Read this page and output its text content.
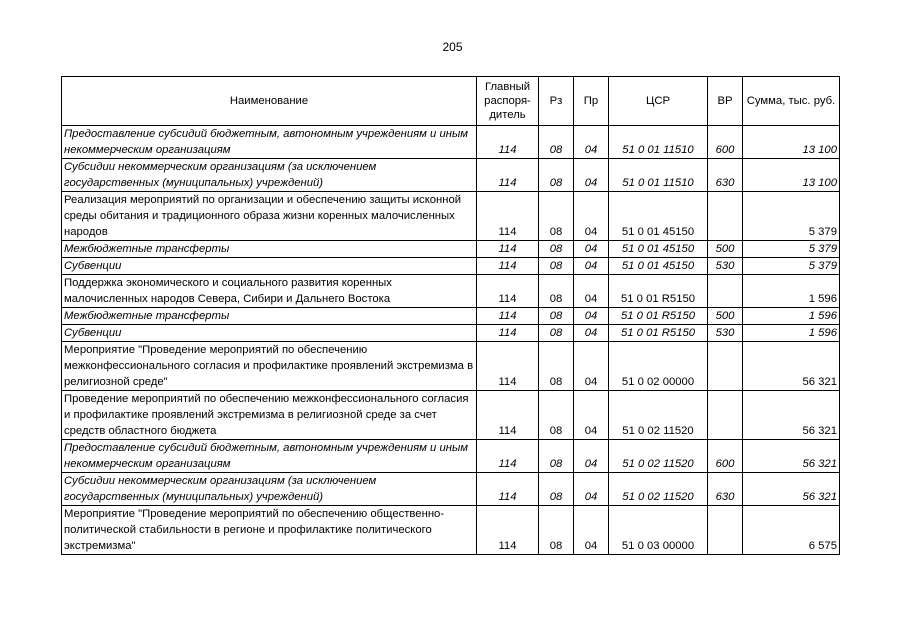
205
Наименование	Главный распоря-дитель	Рз	Пр	ЦСР	ВР	Сумма, тыс. руб.
Предоставление субсидий бюджетным, автономным учреждениям и иным некоммерческим организациям	114	08	04	51 0 01 11510	600	13 100
Субсидии некоммерческим организациям (за исключением государственных (муниципальных) учреждений)	114	08	04	51 0 01 11510	630	13 100
Реализация мероприятий по организации и обеспечению защиты исконной среды обитания и традиционного образа жизни коренных малочисленных народов	114	08	04	51 0 01 45150		5 379
Межбюджетные трансферты	114	08	04	51 0 01 45150	500	5 379
Субвенции	114	08	04	51 0 01 45150	530	5 379
Поддержка экономического и социального развития коренных малочисленных народов Севера, Сибири и Дальнего Востока	114	08	04	51 0 01 R5150		1 596
Межбюджетные трансферты	114	08	04	51 0 01 R5150	500	1 596
Субвенции	114	08	04	51 0 01 R5150	530	1 596
Мероприятие "Проведение мероприятий по обеспечению межконфессионального согласия и профилактике проявлений экстремизма в религиозной среде"	114	08	04	51 0 02 00000		56 321
Проведение мероприятий по обеспечению межконфессионального согласия и профилактике проявлений экстремизма в религиозной среде за счет средств областного бюджета	114	08	04	51 0 02 11520		56 321
Предоставление субсидий бюджетным, автономным учреждениям и иным некоммерческим организациям	114	08	04	51 0 02 11520	600	56 321
Субсидии некоммерческим организациям (за исключением государственных (муниципальных) учреждений)	114	08	04	51 0 02 11520	630	56 321
Мероприятие "Проведение мероприятий по обеспечению общественно-политической стабильности в регионе и профилактике политического экстремизма"	114	08	04	51 0 03 00000		6 575
